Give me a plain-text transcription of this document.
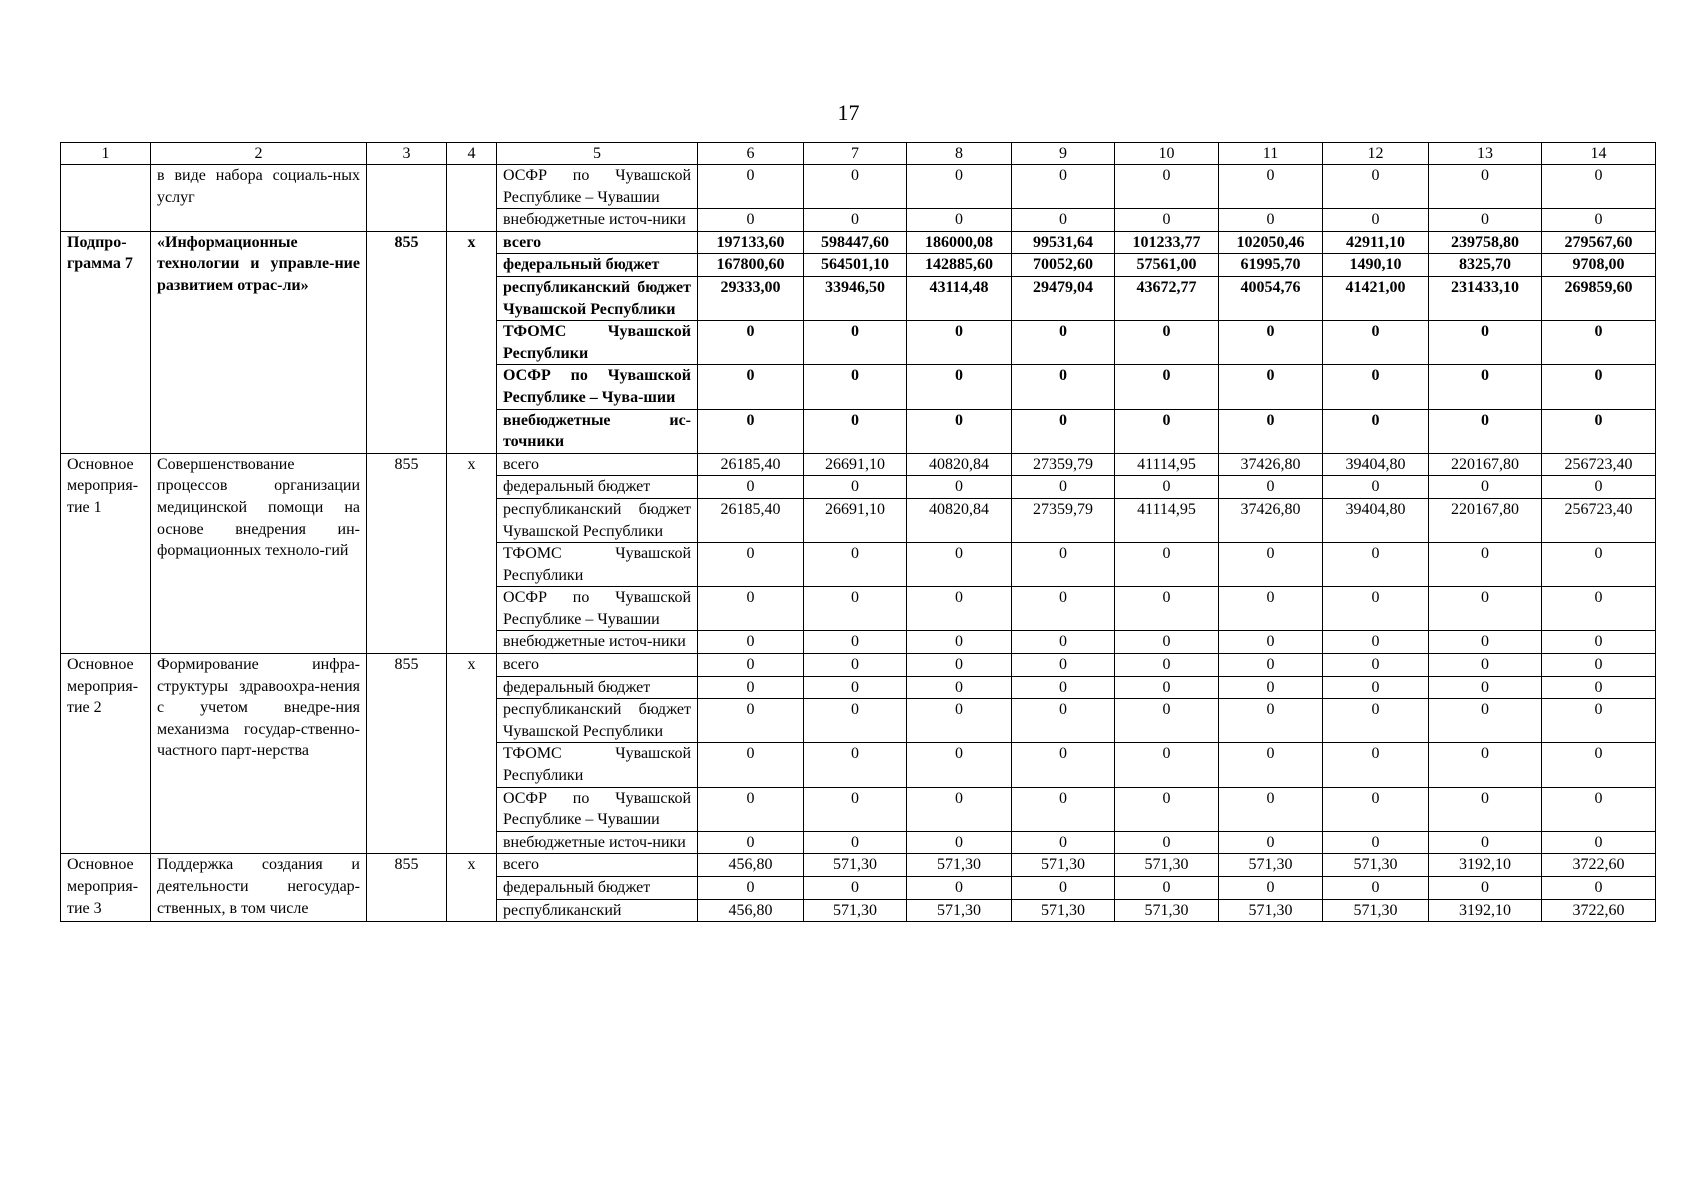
17
1	2	3	4	5	6	7	8	9	10	11	12	13	14
	в виде набора социаль-ных услуг			ОСФР по Чувашской Республике – Чувашии	0	0	0	0	0	0	0	0	0
				внебюджетные источ-ники	0	0	0	0	0	0	0	0	0
Подпро-грамма 7	«Информационные технологии и управле-ние развитием отрас-ли»	855	х	всего	197133,60	598447,60	186000,08	99531,64	101233,77	102050,46	42911,10	239758,80	279567,60
				федеральный бюджет	167800,60	564501,10	142885,60	70052,60	57561,00	61995,70	1490,10	8325,70	9708,00
				республиканский бюджет Чувашской Республики	29333,00	33946,50	43114,48	29479,04	43672,77	40054,76	41421,00	231433,10	269859,60
				ТФОМС Чувашской Республики	0	0	0	0	0	0	0	0	0
				ОСФР по Чувашской Республике – Чува-шии	0	0	0	0	0	0	0	0	0
				внебюджетные ис-точники	0	0	0	0	0	0	0	0	0
Основное мероприя-тие 1	Совершенствование процессов организации медицинской помощи на основе внедрения ин-формационных техноло-гий	855	х	всего	26185,40	26691,10	40820,84	27359,79	41114,95	37426,80	39404,80	220167,80	256723,40
				федеральный бюджет	0	0	0	0	0	0	0	0	0
				республиканский бюджет Чувашской Республики	26185,40	26691,10	40820,84	27359,79	41114,95	37426,80	39404,80	220167,80	256723,40
				ТФОМС Чувашской Республики	0	0	0	0	0	0	0	0	0
				ОСФР по Чувашской Республике – Чувашии	0	0	0	0	0	0	0	0	0
				внебюджетные источ-ники	0	0	0	0	0	0	0	0	0
Основное мероприя-тие 2	Формирование инфра-структуры здравоохра-нения с учетом внедре-ния механизма государ-ственно-частного парт-нерства	855	х	всего	0	0	0	0	0	0	0	0	0
				федеральный бюджет	0	0	0	0	0	0	0	0	0
				республиканский бюджет Чувашской Республики	0	0	0	0	0	0	0	0	0
				ТФОМС Чувашской Республики	0	0	0	0	0	0	0	0	0
				ОСФР по Чувашской Республике – Чувашии	0	0	0	0	0	0	0	0	0
				внебюджетные источ-ники	0	0	0	0	0	0	0	0	0
Основное мероприя-тие 3	Поддержка создания и деятельности негосудар-ственных, в том числе	855	х	всего	456,80	571,30	571,30	571,30	571,30	571,30	571,30	3192,10	3722,60
				федеральный бюджет	0	0	0	0	0	0	0	0	0
				республиканский	456,80	571,30	571,30	571,30	571,30	571,30	571,30	3192,10	3722,60
